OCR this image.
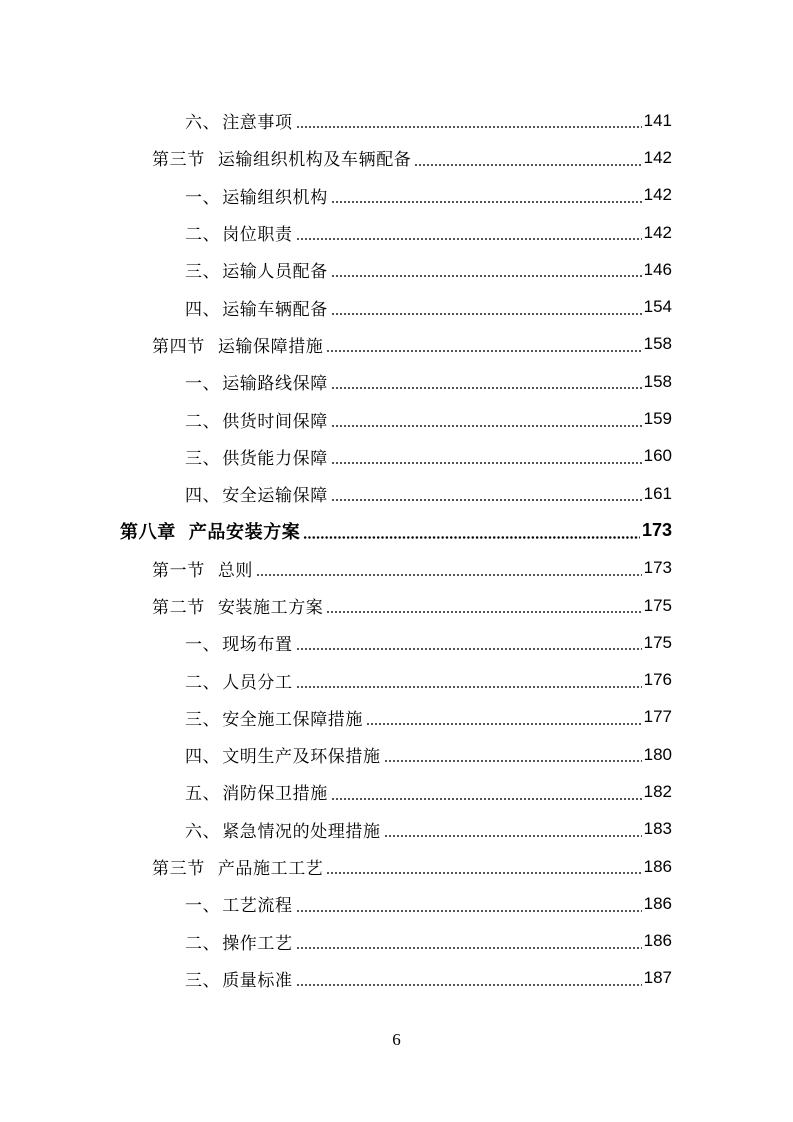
六、 注意事项	141
第三节 运输组织机构及车辆配备	142
一、 运输组织机构	142
二、 岗位职责	142
三、 运输人员配备	146
四、 运输车辆配备	154
第四节 运输保障措施	158
一、 运输路线保障	158
二、 供货时间保障	159
三、 供货能力保障	160
四、 安全运输保障	161
第八章 产品安装方案	173
第一节 总则	173
第二节 安装施工方案	175
一、 现场布置	175
二、 人员分工	176
三、 安全施工保障措施	177
四、 文明生产及环保措施	180
五、 消防保卫措施	182
六、 紧急情况的处理措施	183
第三节 产品施工工艺	186
一、 工艺流程	186
二、 操作工艺	186
三、 质量标准	187
6
